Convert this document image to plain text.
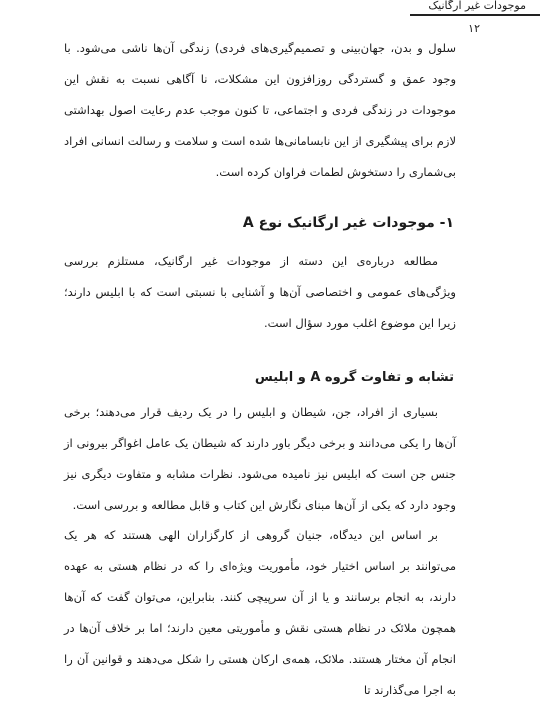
موجودات غیر ارگانیک
۱۲

سلول و بدن، جهان‌بینی و تصمیم‌گیری‌های فردی) زندگی آن‌ها ناشی می‌شود. با وجود عمق و گستردگی روزافزون این مشکلات، نا آگاهی نسبت به نقش این موجودات در زندگی فردی و اجتماعی، تا کنون موجب عدم رعایت اصول بهداشتی لازم برای پیشگیری از این نابسامانی‌ها شده است و سلامت و رسالت انسانی افراد بی‌شماری را دستخوش لطمات فراوان کرده است.

۱- موجودات غیر ارگانیک نوع A

مطالعه درباره‌ی این دسته از موجودات غیر ارگانیک، مستلزم بررسی ویژگی‌های عمومی و اختصاصی آن‌ها و آشنایی با نسبتی است که با ابلیس دارند؛ زیرا این موضوع اغلب مورد سؤال است.

تشابه و تفاوت گروه A و ابلیس

بسیاری از افراد، جن، شیطان و ابلیس را در یک ردیف قرار می‌دهند؛ برخی آن‌ها را یکی می‌دانند و برخی دیگر باور دارند که شیطان یک عامل اغواگر بیرونی از جنس جن است که ابلیس نیز نامیده می‌شود. نظرات مشابه و متفاوت دیگری نیز وجود دارد که یکی از آن‌ها مبنای نگارش این کتاب و قابل مطالعه و بررسی است.

بر اساس این دیدگاه، جنیان گروهی از کارگزاران الهی هستند که هر یک می‌توانند بر اساس اختیار خود، مأموریت ویژه‌ای را که در نظام هستی به عهده دارند، به انجام برسانند و یا از آن سرپیچی کنند. بنابراین، می‌توان گفت که آن‌ها همچون ملائک در نظام هستی نقش و مأموریتی معین دارند؛ اما بر خلاف آن‌ها در انجام آن مختار هستند. ملائک، همه‌ی ارکان هستی را شکل می‌دهند و قوانین آن را به اجرا می‌گذارند تا
